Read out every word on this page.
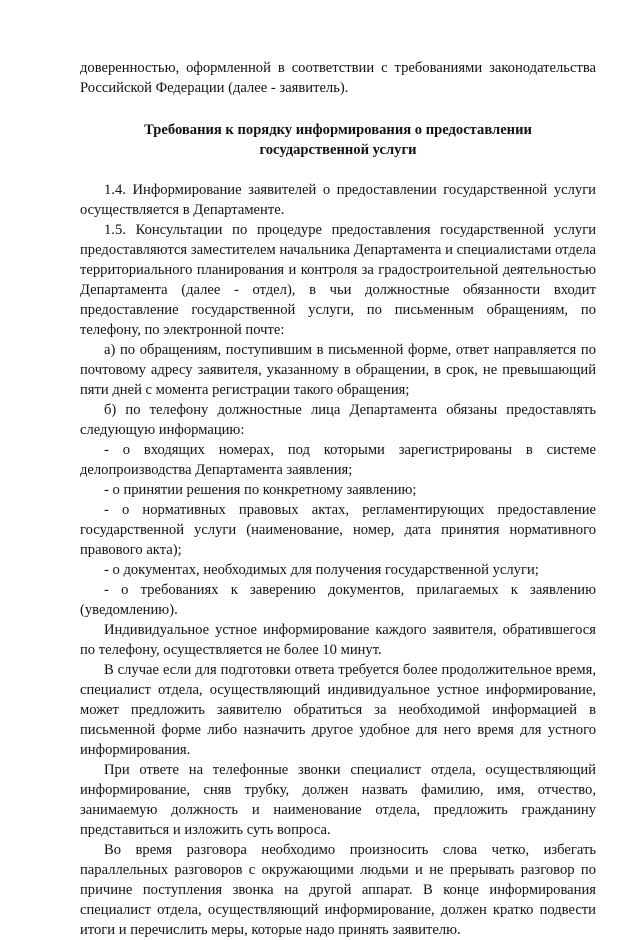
доверенностью, оформленной в соответствии с требованиями законодательства Российской Федерации (далее - заявитель).

Требования к порядку информирования о предоставлении
государственной услуги

1.4. Информирование заявителей о предоставлении государственной услуги осуществляется в Департаменте.

1.5. Консультации по процедуре предоставления государственной услуги предоставляются заместителем начальника Департамента и специалистами отдела территориального планирования и контроля за градостроительной деятельностью Департамента (далее - отдел), в чьи должностные обязанности входит предоставление государственной услуги, по письменным обращениям, по телефону, по электронной почте:

а) по обращениям, поступившим в письменной форме, ответ направляется по почтовому адресу заявителя, указанному в обращении, в срок, не превышающий пяти дней с момента регистрации такого обращения;

б) по телефону должностные лица Департамента обязаны предоставлять следующую информацию:

- о входящих номерах, под которыми зарегистрированы в системе делопроизводства Департамента заявления;

- о принятии решения по конкретному заявлению;

- о нормативных правовых актах, регламентирующих предоставление государственной услуги (наименование, номер, дата принятия нормативного правового акта);

- о документах, необходимых для получения государственной услуги;

- о требованиях к заверению документов, прилагаемых к заявлению (уведомлению).

Индивидуальное устное информирование каждого заявителя, обратившегося по телефону, осуществляется не более 10 минут.

В случае если для подготовки ответа требуется более продолжительное время, специалист отдела, осуществляющий индивидуальное устное информирование, может предложить заявителю обратиться за необходимой информацией в письменной форме либо назначить другое удобное для него время для устного информирования.

При ответе на телефонные звонки специалист отдела, осуществляющий информирование, сняв трубку, должен назвать фамилию, имя, отчество, занимаемую должность и наименование отдела, предложить гражданину представиться и изложить суть вопроса.

Во время разговора необходимо произносить слова четко, избегать параллельных разговоров с окружающими людьми и не прерывать разговор по причине поступления звонка на другой аппарат. В конце информирования специалист отдела, осуществляющий информирование, должен кратко подвести итоги и перечислить меры, которые надо принять заявителю.
